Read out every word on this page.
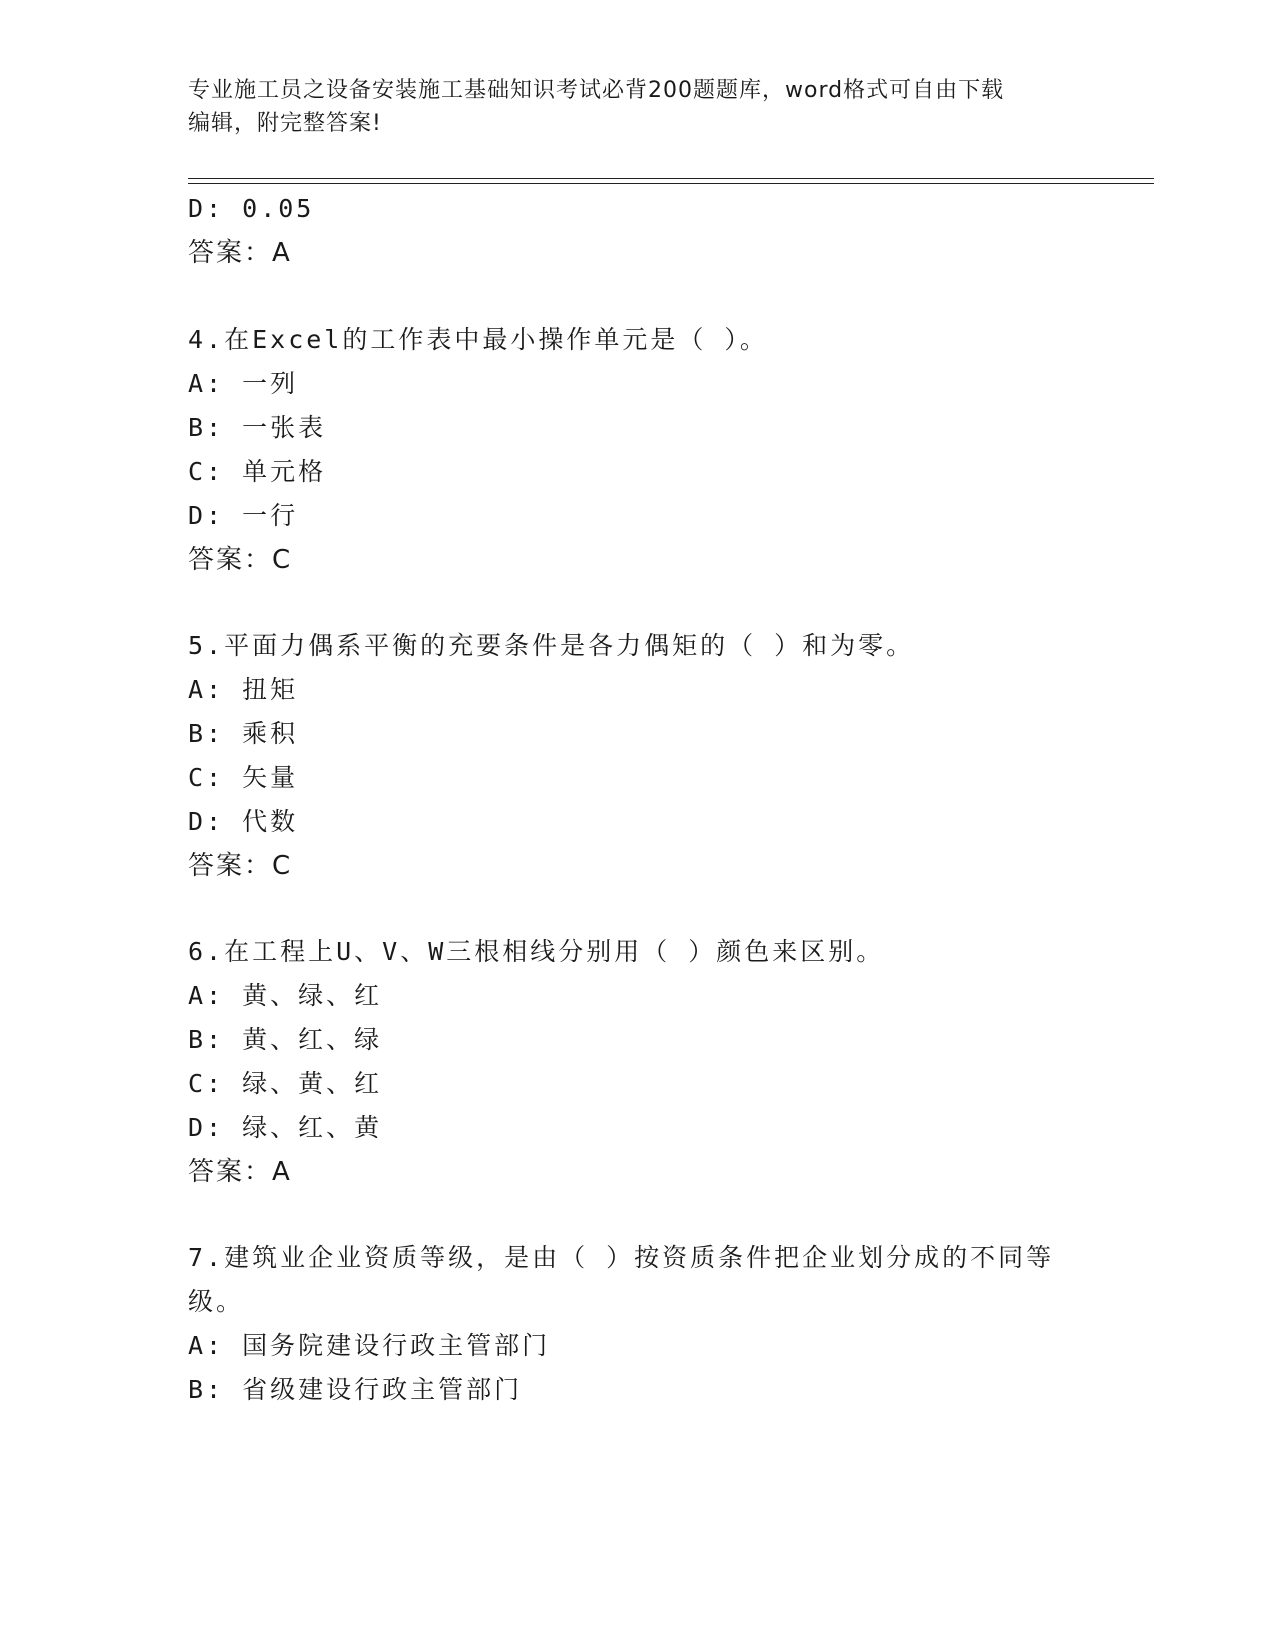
专业施工员之设备安装施工基础知识考试必背200题题库，word格式可自由下载
编辑，附完整答案!
D: 0.05
答案：A
4.在Excel的工作表中最小操作单元是（ ）。
A: 一列
B: 一张表
C: 单元格
D: 一行
答案：C
5.平面力偶系平衡的充要条件是各力偶矩的（ ）和为零。
A: 扭矩
B: 乘积
C: 矢量
D: 代数
答案：C
6.在工程上U、V、W三根相线分别用（ ）颜色来区别。
A: 黄、绿、红
B: 黄、红、绿
C: 绿、黄、红
D: 绿、红、黄
答案：A
7.建筑业企业资质等级，是由（ ）按资质条件把企业划分成的不同等
级。
A: 国务院建设行政主管部门
B: 省级建设行政主管部门
